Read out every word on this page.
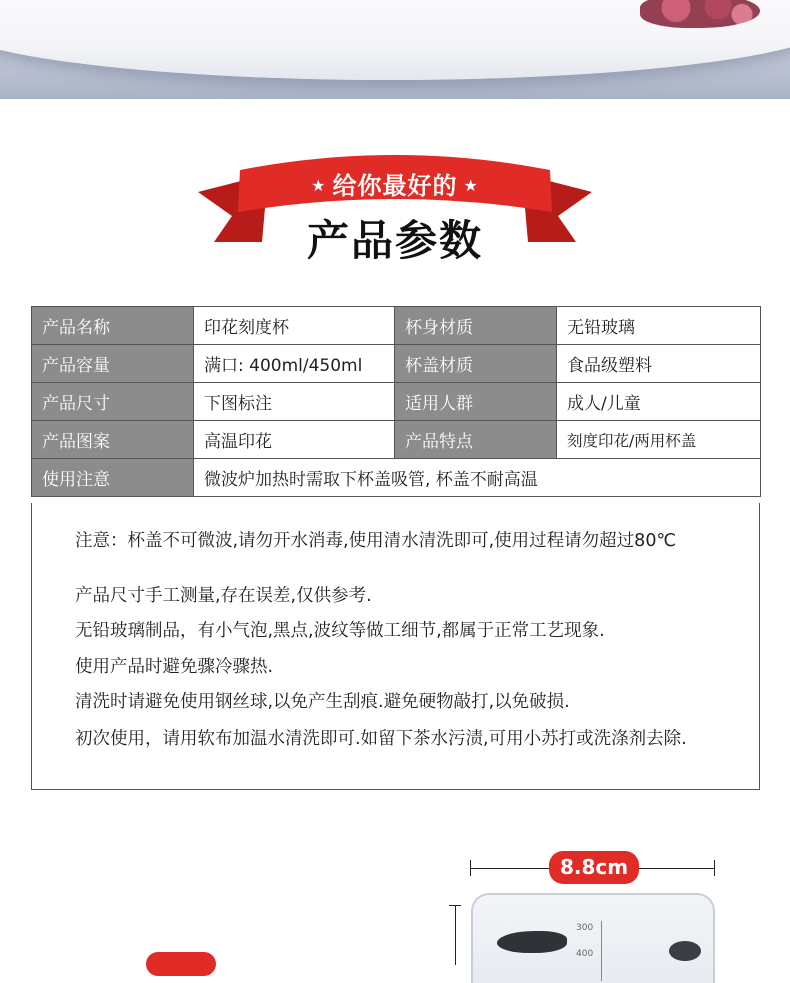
★ 给你最好的 ★
产品参数
产品名称	印花刻度杯	杯身材质	无铅玻璃
产品容量	满口: 400ml/450ml	杯盖材质	食品级塑料
产品尺寸	下图标注	适用人群	成人/儿童
产品图案	高温印花	产品特点	刻度印花/两用杯盖
使用注意	微波炉加热时需取下杯盖吸管, 杯盖不耐高温		

注意：杯盖不可微波,请勿开水消毒,使用清水清洗即可,使用过程请勿超过80℃

产品尺寸手工测量,存在误差,仅供参考.

无铅玻璃制品，有小气泡,黑点,波纹等做工细节,都属于正常工艺现象.

使用产品时避免骤冷骤热.

清洗时请避免使用钢丝球,以免产生刮痕.避免硬物敲打,以免破损.

初次使用，请用软布加温水清洗即可.如留下茶水污渍,可用小苏打或洗涤剂去除.

8.8cm
300
400
